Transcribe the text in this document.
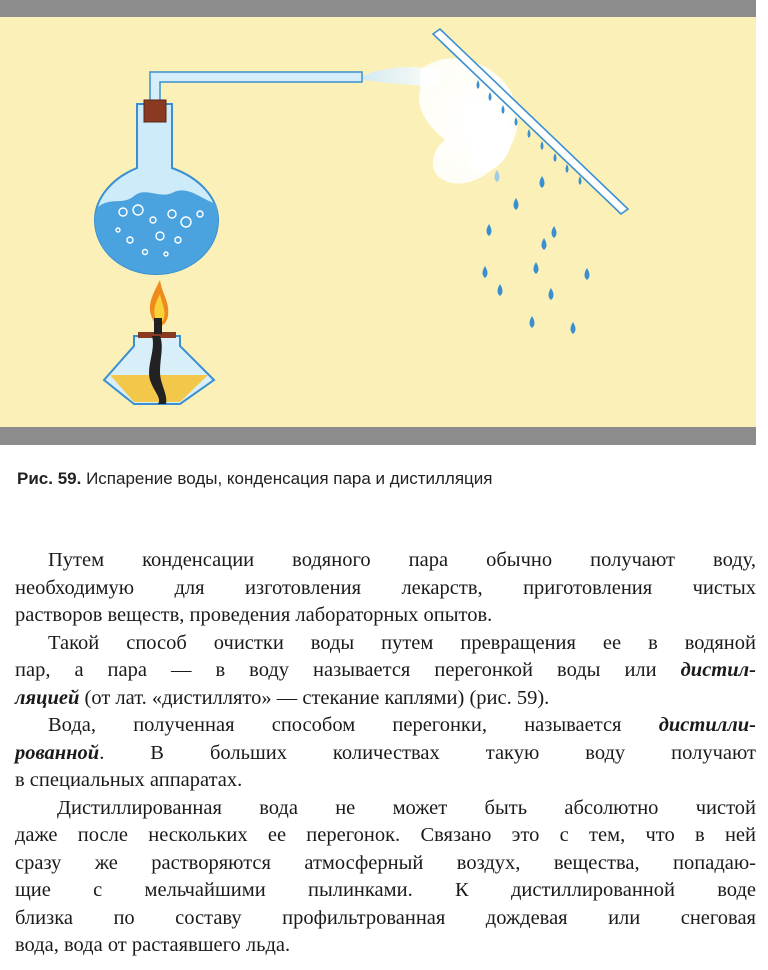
Рис. 59. Испарение воды, конденсация пара и дистилляция
Путем конденсации водяного пара обычно получают воду,
необходимую для изготовления лекарств, приготовления чистых
растворов веществ, проведения лабораторных опытов.
Такой способ очистки воды путем превращения ее в водяной
пар, а пара — в воду называется перегонкой воды или дистил-
ляцией (от лат. «дистиллято» — стекание каплями) (рис. 59).
Вода, полученная способом перегонки, называется дистилли-
рованной. В больших количествах такую воду получают
в специальных аппаратах.
Дистиллированная вода не может быть абсолютно чистой
даже после нескольких ее перегонок. Связано это с тем, что в ней
сразу же растворяются атмосферный воздух, вещества, попадаю-
щие с мельчайшими пылинками. К дистиллированной воде
близка по составу профильтрованная дождевая или снеговая
вода, вода от растаявшего льда.
